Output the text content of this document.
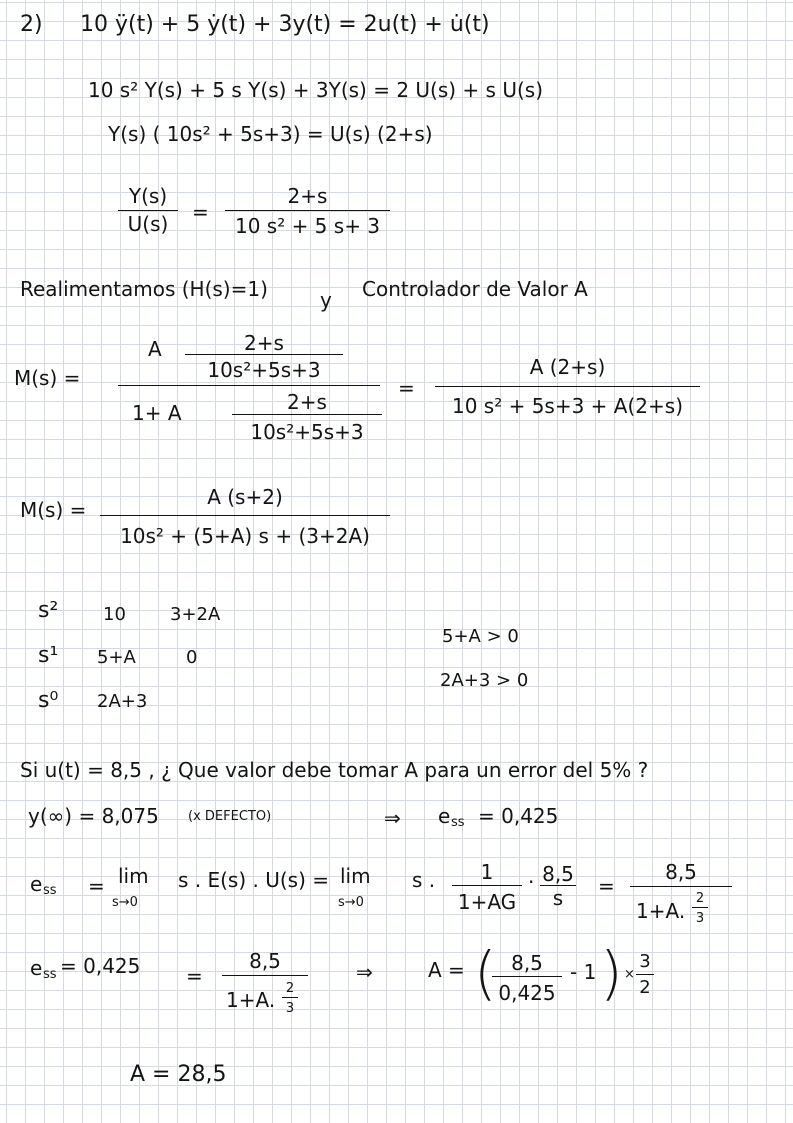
2) 10 ÿ(t) + 5 ẏ(t) + 3y(t) = 2u(t) + u̇(t)
10 s² Y(s) + 5 s Y(s) + 3Y(s) = 2 U(s) + s U(s)
Y(s) ( 10s² + 5s+3) = U(s) (2+s)
Y(s)
U(s)	=
2+s
10 s² + 5 s+ 3
Realimentamos (H(s)=1)	y Controlador de Valor A
M(s) =
A	2+s
10s²+5s+3
1+ A	2+s
10s²+5s+3
=
A (2+s)
10 s² + 5s+3 + A(2+s)
M(s) =
A (s+2)
10s² + (5+A) s + (3+2A)
s² 10 3+2A
s¹ 5+A	0
s⁰ 2A+3
5+A > 0
2A+3 > 0
Si u(t) = 8,5 , ¿ Que valor debe tomar A para un error del 5% ?
y(∞) = 8,075 (x DEFECTO)	⇒ e ss = 0,425
e ss = lim
s→0
s . E(s) . U(s) = lim
s→0
s .	1
1+AG
· 8,5
s	=
8,5
1+A.
2
3
e ss = 0,425 =
8,5
1+A. 2
3
⇒	A = ( 8,5
0,425
- 1 ) ×
3
2
A = 28,5
